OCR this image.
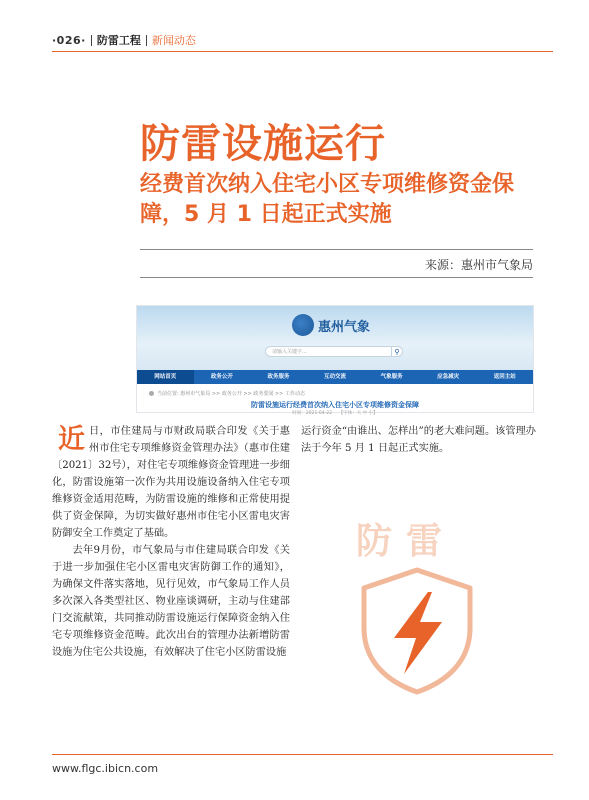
·026· 防雷工程 新闻动态
防雷设施运行
经费首次纳入住宅小区专项维修资金保障，5 月 1 日起正式实施
来源：惠州市气象局
惠州气象
请输入关键字...	⚲
网站首页	政务公开	政务服务	互动交流	气象服务	应急减灾	返回主站
当前位置: 惠州市气象局 >> 政务公开 >> 政务要闻 >> 工作动态
防雷设施运行经费首次纳入住宅小区专项维修资金保障
时间：2021-04-22　　【字体：大 中 小】

近日，市住建局与市财政局联合印发《关于惠州市住宅专项维修资金管理办法》（惠市住建〔2021〕32号），对住宅专项维修资金管理进一步细化，防雷设施第一次作为共用设施设备纳入住宅专项维修资金适用范畴，为防雷设施的维修和正常使用提供了资金保障，为切实做好惠州市住宅小区雷电灾害防御安全工作奠定了基础。

去年9月份，市气象局与市住建局联合印发《关于进一步加强住宅小区雷电灾害防御工作的通知》，为确保文件落实落地，见行见效，市气象局工作人员多次深入各类型社区、物业座谈调研，主动与住建部门交流献策，共同推动防雷设施运行保障资金纳入住宅专项维修资金范畴。此次出台的管理办法新增防雷设施为住宅公共设施，有效解决了住宅小区防雷设施

运行资金“由谁出、怎样出”的老大难问题。该管理办法于今年 5 月 1 日起正式实施。

防雷
www.flgc.ibicn.com
